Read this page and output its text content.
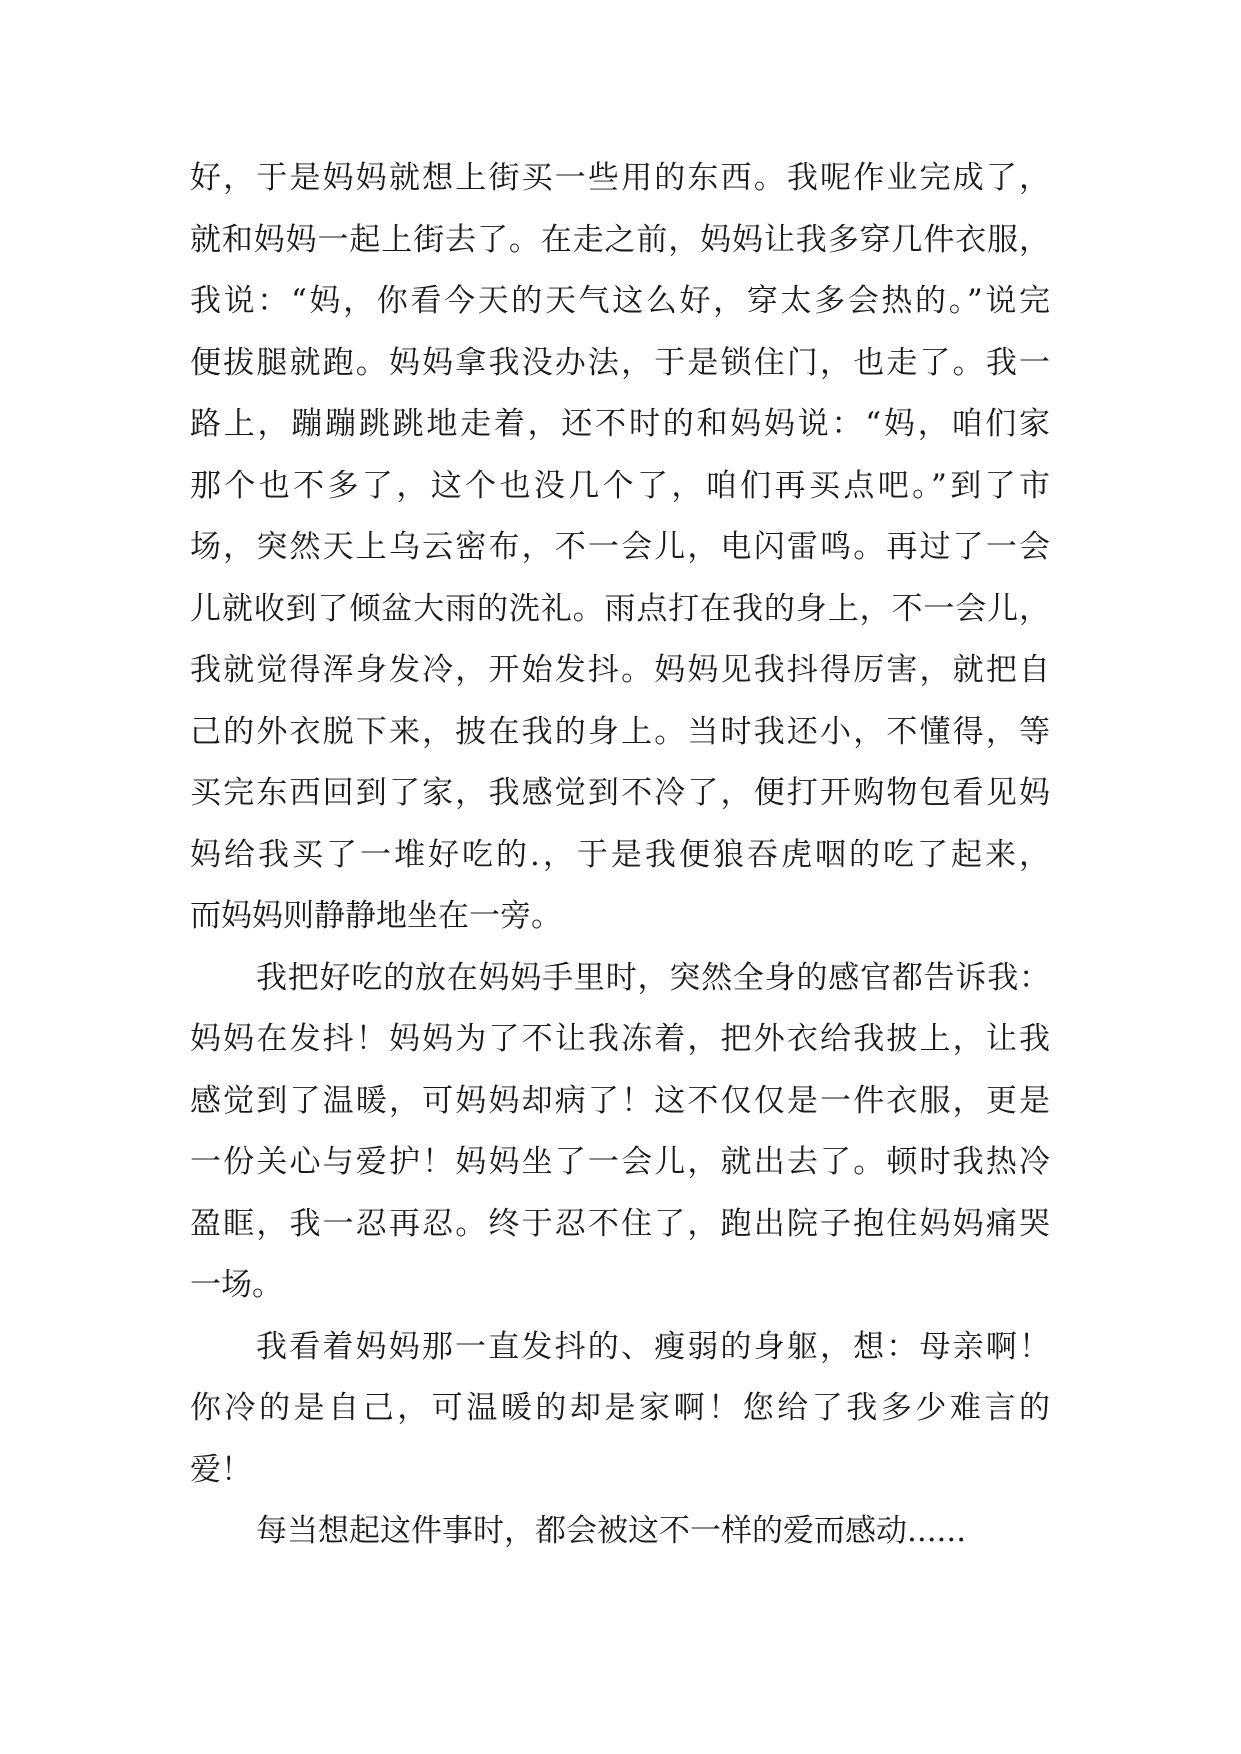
好，于是妈妈就想上街买一些用的东西。我呢作业完成了，
就和妈妈一起上街去了。在走之前，妈妈让我多穿几件衣服，
我说：“妈，你看今天的天气这么好，穿太多会热的。”说完
便拔腿就跑。妈妈拿我没办法，于是锁住门，也走了。我一
路上，蹦蹦跳跳地走着，还不时的和妈妈说：“妈，咱们家
那个也不多了，这个也没几个了，咱们再买点吧。”到了市
场，突然天上乌云密布，不一会儿，电闪雷鸣。再过了一会
儿就收到了倾盆大雨的洗礼。雨点打在我的身上，不一会儿，
我就觉得浑身发冷，开始发抖。妈妈见我抖得厉害，就把自
己的外衣脱下来，披在我的身上。当时我还小，不懂得，等
买完东西回到了家，我感觉到不冷了，便打开购物包看见妈
妈给我买了一堆好吃的.，于是我便狼吞虎咽的吃了起来，
而妈妈则静静地坐在一旁。
我把好吃的放在妈妈手里时，突然全身的感官都告诉我：
妈妈在发抖！妈妈为了不让我冻着，把外衣给我披上，让我
感觉到了温暖，可妈妈却病了！这不仅仅是一件衣服，更是
一份关心与爱护！妈妈坐了一会儿，就出去了。顿时我热冷
盈眶，我一忍再忍。终于忍不住了，跑出院子抱住妈妈痛哭
一场。
我看着妈妈那一直发抖的、瘦弱的身躯，想：母亲啊！
你冷的是自己，可温暖的却是家啊！您给了我多少难言的
爱！
每当想起这件事时，都会被这不一样的爱而感动......
